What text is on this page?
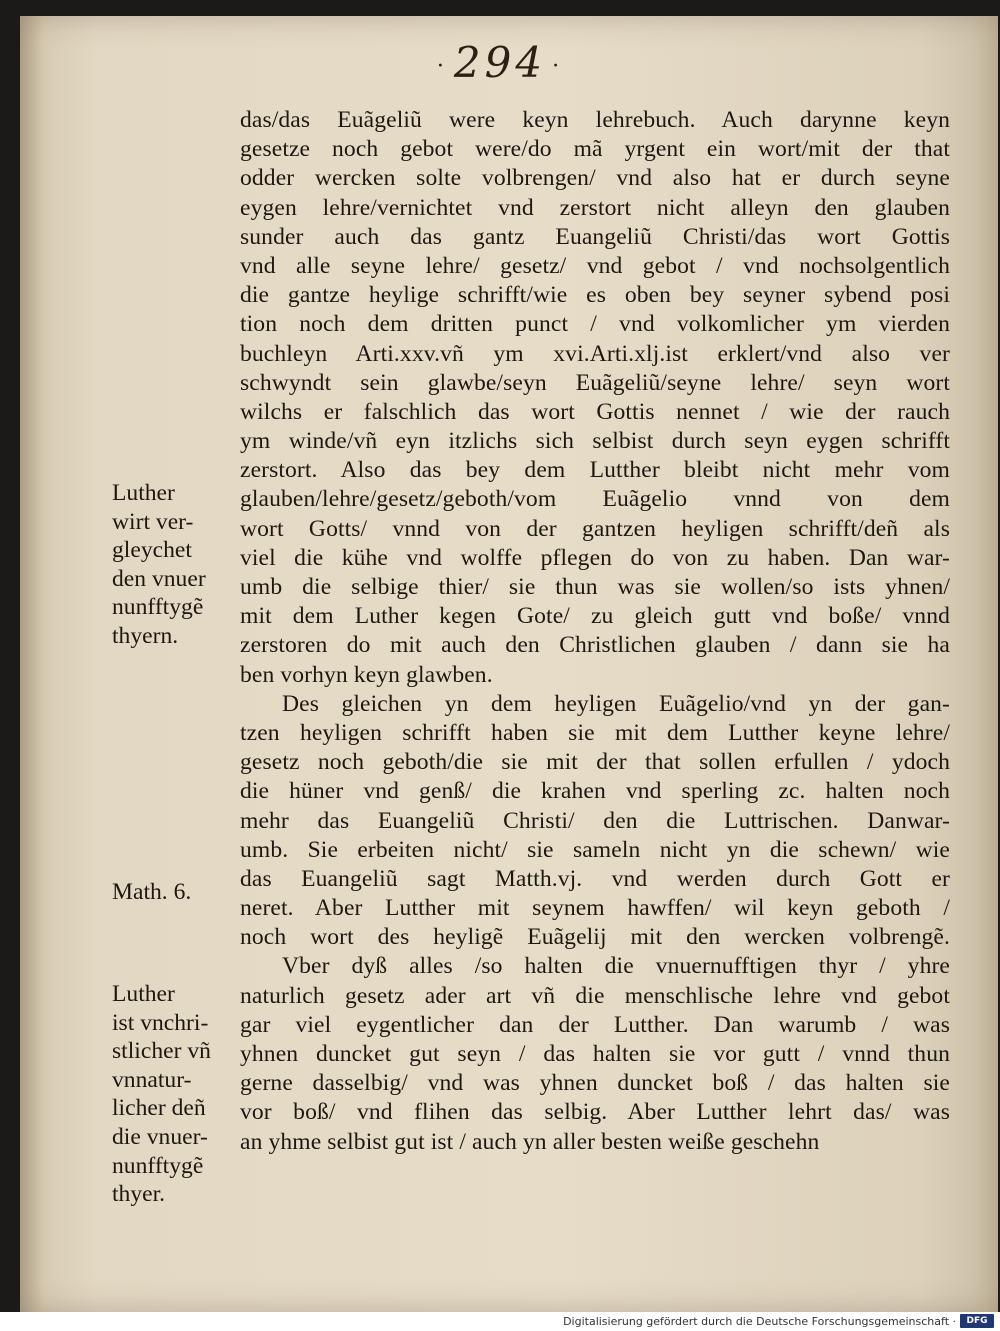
· 294 ·
das/das Euãgeliũ were keyn lehrebuch. Auch darynne keyn
gesetze noch gebot were/do mã yrgent ein wort/mit der that
odder wercken solte volbrengen/ vnd also hat er durch seyne
eygen lehre/vernichtet vnd zerstort nicht alleyn den glauben
sunder auch das gantz Euangeliũ Christi/das wort Gottis
vnd alle seyne lehre/ gesetz/ vnd gebot / vnd nochsolgentlich
die gantze heylige schrifft/wie es oben bey seyner sybend posi
tion noch dem dritten punct / vnd volkomlicher ym vierden
buchleyn Arti.xxv.vñ ym xvi.Arti.xlj.ist erklert/vnd also ver
schwyndt sein glawbe/seyn Euãgeliũ/seyne lehre/ seyn wort
wilchs er falschlich das wort Gottis nennet / wie der rauch
ym winde/vñ eyn itzlichs sich selbist durch seyn eygen schrifft
zerstort. Also das bey dem Lutther bleibt nicht mehr vom
glauben/lehre/gesetz/geboth/vom Euãgelio vnnd von dem
wort Gotts/ vnnd von der gantzen heyligen schrifft/deñ als
viel die kühe vnd wolffe pflegen do von zu haben. Dan war-
umb die selbige thier/ sie thun was sie wollen/so ists yhnen/
mit dem Luther kegen Gote/ zu gleich gutt vnd boße/ vnnd
zerstoren do mit auch den Christlichen glauben / dann sie ha
ben vorhyn keyn glawben.
Des gleichen yn dem heyligen Euãgelio/vnd yn der gan-
tzen heyligen schrifft haben sie mit dem Lutther keyne lehre/
gesetz noch geboth/die sie mit der that sollen erfullen / ydoch
die hüner vnd genß/ die krahen vnd sperling zc. halten noch
mehr das Euangeliũ Christi/ den die Luttrischen. Danwar-
umb. Sie erbeiten nicht/ sie sameln nicht yn die schewn/ wie
das Euangeliũ sagt Matth.vj. vnd werden durch Gott er
neret. Aber Lutther mit seynem hawffen/ wil keyn geboth /
noch wort des heyligẽ Euãgelij mit den wercken volbrengẽ.
Vber dyß alles /so halten die vnuernufftigen thyr / yhre
naturlich gesetz ader art vñ die menschlische lehre vnd gebot
gar viel eygentlicher dan der Lutther. Dan warumb / was
yhnen duncket gut seyn / das halten sie vor gutt / vnnd thun
gerne dasselbig/ vnd was yhnen duncket boß / das halten sie
vor boß/ vnd flihen das selbig. Aber Lutther lehrt das/ was
an yhme selbist gut ist / auch yn aller besten weiße geschehn
Luther
wirt ver-
gleychet
den vnuer
nunfftygẽ
thyern.
Math. 6.
Luther
ist vnchri-
stlicher vñ
vnnatur-
licher deñ
die vnuer-
nunfftygẽ
thyer.
Digitalisierung gefördert durch die Deutsche Forschungsgemeinschaft ·	DFG
